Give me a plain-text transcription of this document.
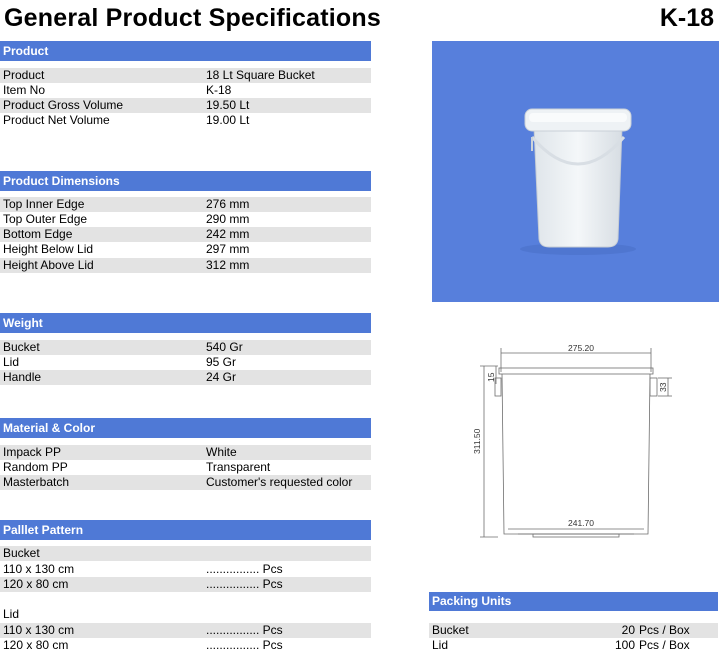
General Product Specifications	K-18
Product
Product	18 Lt Square Bucket
Item No	K-18
Product Gross Volume	19.50 Lt
Product Net Volume	19.00 Lt
Product Dimensions
Top Inner Edge	276 mm
Top Outer Edge	290 mm
Bottom Edge	242 mm
Height Below Lid	297 mm
Height Above Lid	312 mm
Weight
Bucket	540 Gr
Lid	95 Gr
Handle	24 Gr
Material & Color
Impack PP	White
Random PP	Transparent
Masterbatch	Customer's requested color
Palllet Pattern
Bucket
110 x 130 cm	................ Pcs
120 x 80 cm	................ Pcs
Lid
110 x 130 cm	................ Pcs
120 x 80 cm	................ Pcs
275.20
241.70
311.50
15
33
Packing Units
Bucket	20 Pcs / Box
Lid	100 Pcs / Box
